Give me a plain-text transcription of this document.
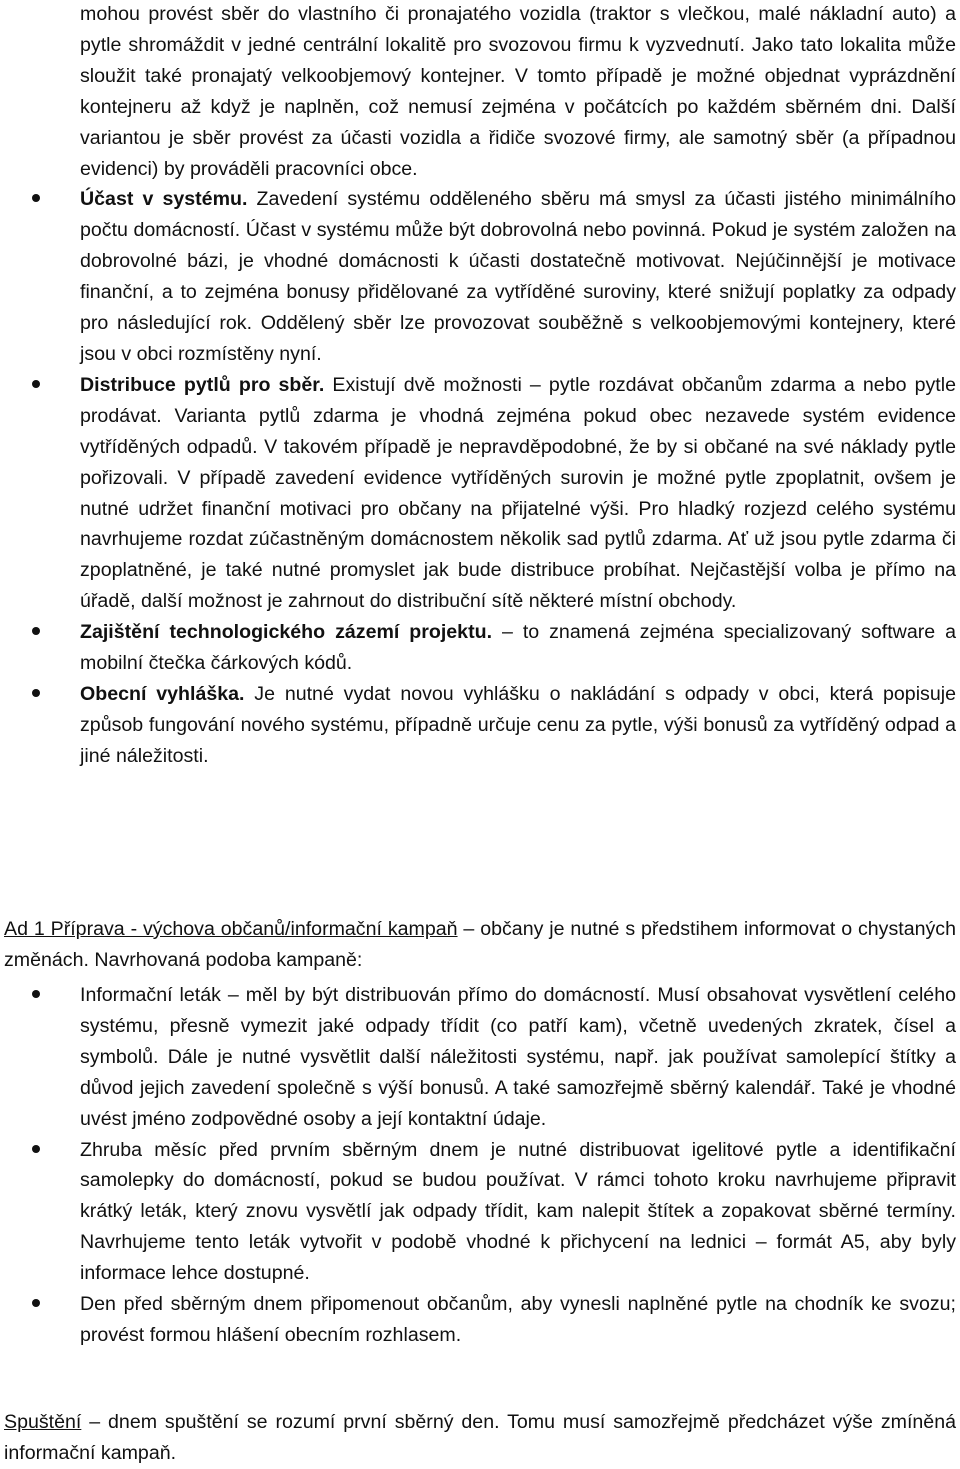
mohou provést sběr do vlastního či pronajatého vozidla (traktor s vlečkou, malé nákladní auto) a pytle shromáždit v jedné centrální lokalitě pro svozovou firmu k vyzvednutí. Jako tato lokalita může sloužit také pronajatý velkoobjemový kontejner. V tomto případě je možné objednat vyprázdnění kontejneru až když je naplněn, což nemusí zejména v počátcích po každém sběrném dni. Další variantou je sběr provést za účasti vozidla a řidiče svozové firmy, ale samotný sběr (a případnou evidenci) by prováděli pracovníci obce.

Účast v systému. Zavedení systému odděleného sběru má smysl za účasti jistého minimálního počtu domácností. Účast v systému může být dobrovolná nebo povinná. Pokud je systém založen na dobrovolné bázi, je vhodné domácnosti k účasti dostatečně motivovat. Nejúčinnější je motivace finanční, a to zejména bonusy přidělované za vytříděné suroviny, které snižují poplatky za odpady pro následující rok. Oddělený sběr lze provozovat souběžně s velkoobjemovými kontejnery, které jsou v obci rozmístěny nyní.

Distribuce pytlů pro sběr. Existují dvě možnosti – pytle rozdávat občanům zdarma a nebo pytle prodávat. Varianta pytlů zdarma je vhodná zejména pokud obec nezavede systém evidence vytříděných odpadů. V takovém případě je nepravděpodobné, že by si občané na své náklady pytle pořizovali. V případě zavedení evidence vytříděných surovin je možné pytle zpoplatnit, ovšem je nutné udržet finanční motivaci pro občany na přijatelné výši. Pro hladký rozjezd celého systému navrhujeme rozdat zúčastněným domácnostem několik sad pytlů zdarma. Ať už jsou pytle zdarma či zpoplatněné, je také nutné promyslet jak bude distribuce probíhat. Nejčastější volba je přímo na úřadě, další možnost je zahrnout do distribuční sítě některé místní obchody.

Zajištění technologického zázemí projektu. – to znamená zejména specializovaný software a mobilní čtečka čárkových kódů.

Obecní vyhláška. Je nutné vydat novou vyhlášku o nakládání s odpady v obci, která popisuje způsob fungování nového systému, případně určuje cenu za pytle, výši bonusů za vytříděný odpad a jiné náležitosti.

Ad 1 Příprava - výchova občanů/informační kampaň – občany je nutné s předstihem informovat o chystaných změnách. Navrhovaná podoba kampaně:

Informační leták – měl by být distribuován přímo do domácností. Musí obsahovat vysvětlení celého systému, přesně vymezit jaké odpady třídit (co patří kam), včetně uvedených zkratek, čísel a symbolů. Dále je nutné vysvětlit další náležitosti systému, např. jak používat samolepící štítky a důvod jejich zavedení společně s výší bonusů. A také samozřejmě sběrný kalendář. Také je vhodné uvést jméno zodpovědné osoby a její kontaktní údaje.

Zhruba měsíc před prvním sběrným dnem je nutné distribuovat igelitové pytle a identifikační samolepky do domácností, pokud se budou používat. V rámci tohoto kroku navrhujeme připravit krátký leták, který znovu vysvětlí jak odpady třídit, kam nalepit štítek a zopakovat sběrné termíny. Navrhujeme tento leták vytvořit v podobě vhodné k přichycení na lednici – formát A5, aby byly informace lehce dostupné.

Den před sběrným dnem připomenout občanům, aby vynesli naplněné pytle na chodník ke svozu; provést formou hlášení obecním rozhlasem.

Spuštění – dnem spuštění se rozumí první sběrný den. Tomu musí samozřejmě předcházet výše zmíněná informační kampaň.
